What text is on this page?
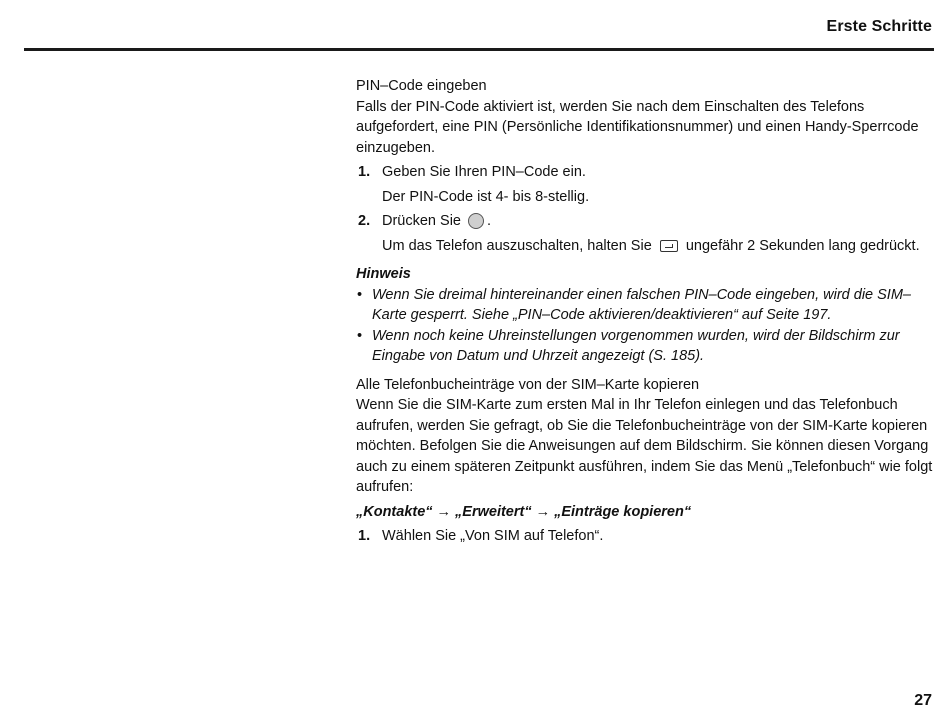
Erste Schritte

PIN–Code eingeben

Falls der PIN-Code aktiviert ist, werden Sie nach dem Einschalten des Telefons aufgefordert, eine PIN (Persönliche Identifikationsnummer) und einen Handy-Sperrcode einzugeben.

1. Geben Sie Ihren PIN–Code ein.
Der PIN-Code ist 4- bis 8-stellig.
2. Drücken Sie .
Um das Telefon auszuschalten, halten Sie ungefähr 2 Sekunden lang gedrückt.
Hinweis
• Wenn Sie dreimal hintereinander einen falschen PIN–Code eingeben, wird die SIM–Karte gesperrt. Siehe „PIN–Code aktivieren/deaktivieren“ auf Seite 197.
• Wenn noch keine Uhreinstellungen vorgenommen wurden, wird der Bildschirm zur Eingabe von Datum und Uhrzeit angezeigt (S. 185).

Alle Telefonbucheinträge von der SIM–Karte kopieren

Wenn Sie die SIM-Karte zum ersten Mal in Ihr Telefon einlegen und das Telefonbuch aufrufen, werden Sie gefragt, ob Sie die Telefonbucheinträge von der SIM-Karte kopieren möchten. Befolgen Sie die Anweisungen auf dem Bildschirm. Sie können diesen Vorgang auch zu einem späteren Zeitpunkt ausführen, indem Sie das Menü „Telefonbuch“ wie folgt aufrufen:

„Kontakte“ → „Erweitert“ → „Einträge kopieren“
1. Wählen Sie „Von SIM auf Telefon“.
27
